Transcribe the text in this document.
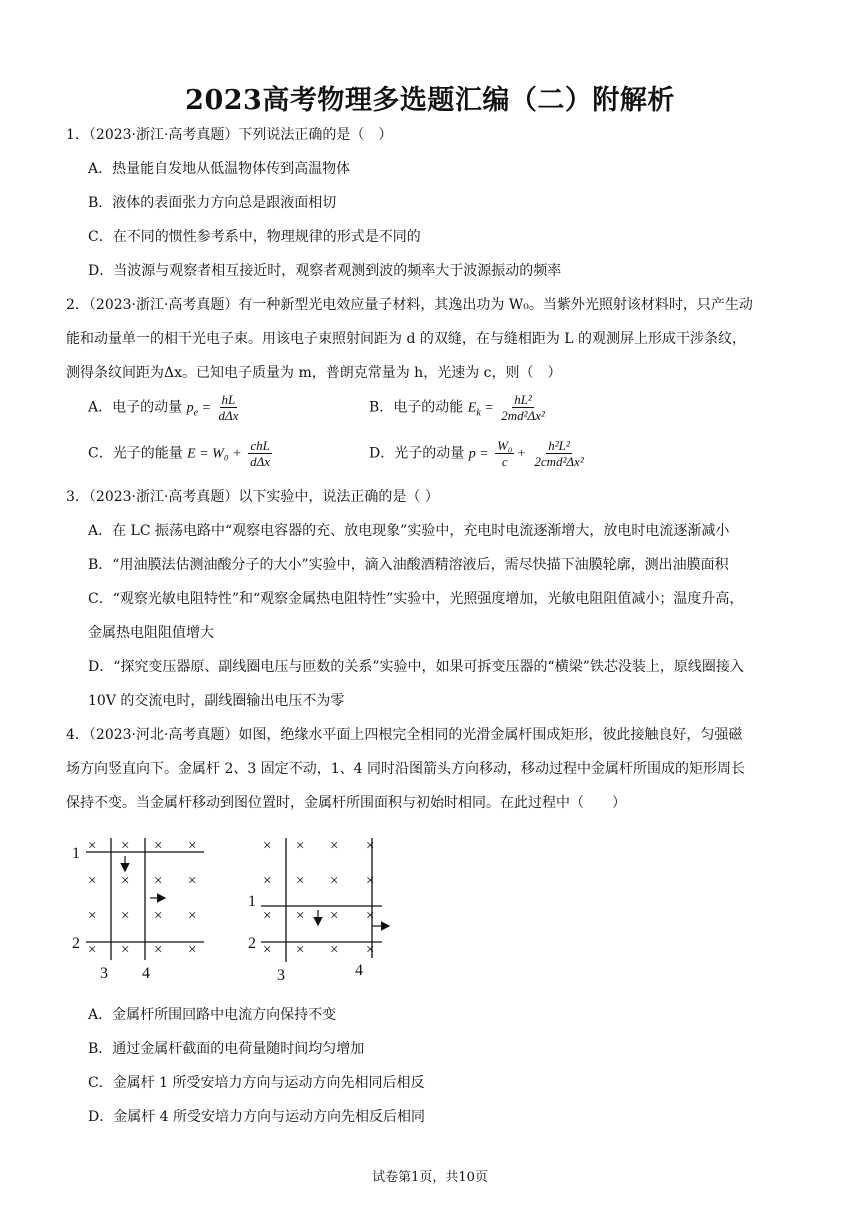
2023高考物理多选题汇编（二）附解析
1．（2023·浙江·高考真题）下列说法正确的是（　）
A．热量能自发地从低温物体传到高温物体
B．液体的表面张力方向总是跟液面相切
C．在不同的惯性参考系中，物理规律的形式是不同的
D．当波源与观察者相互接近时，观察者观测到波的频率大于波源振动的频率
2．（2023·浙江·高考真题）有一种新型光电效应量子材料，其逸出功为 W₀。当紫外光照射该材料时，只产生动
能和动量单一的相干光电子束。用该电子束照射间距为 d 的双缝，在与缝相距为 L 的观测屏上形成干涉条纹，
测得条纹间距为Δx。已知电子质量为 m，普朗克常量为 h，光速为 c，则（　）
A．电子的动量 $p_e = \frac{hL}{\text{dΔx}}$	B．电子的动能 $E_k = \frac{\text{hL²}}{\text{2md²Δx²}}$
C．光子的能量 $E = W_0 + \frac{\text{chL}}{\text{dΔx}}$	D．光子的动量 $p = \frac{\text{W₀}}{c} + \frac{\text{h²L²}}{\text{2cmd²Δx²}}$
3．（2023·浙江·高考真题）以下实验中，说法正确的是（ ）
A．在 LC 振荡电路中“观察电容器的充、放电现象”实验中，充电时电流逐渐增大，放电时电流逐渐减小
B．“用油膜法估测油酸分子的大小”实验中，滴入油酸酒精溶液后，需尽快描下油膜轮廓，测出油膜面积
C．“观察光敏电阻特性”和“观察金属热电阻特性”实验中，光照强度增加，光敏电阻阻值减小；温度升高，
金属热电阻阻值增大
D．“探究变压器原、副线圈电压与匝数的关系”实验中，如果可拆变压器的“横梁”铁芯没装上，原线圈接入
10V 的交流电时，副线圈输出电压不为零
4．（2023·河北·高考真题）如图，绝缘水平面上四根完全相同的光滑金属杆围成矩形，彼此接触良好，匀强磁
场方向竖直向下。金属杆 2、3 固定不动，1、4 同时沿图箭头方向移动，移动过程中金属杆所围成的矩形周长
保持不变。当金属杆移动到图位置时，金属杆所围面积与初始时相同。在此过程中（　　）
× × × ×
× × × ×
× × × ×
× × × ×
1
2
3 4
× × × ×
× × × ×
× × × ×
× × × ×
1
2
3	4
A．金属杆所围回路中电流方向保持不变
B．通过金属杆截面的电荷量随时间均匀增加
C．金属杆 1 所受安培力方向与运动方向先相同后相反
D．金属杆 4 所受安培力方向与运动方向先相反后相同
试卷第1页，共10页
